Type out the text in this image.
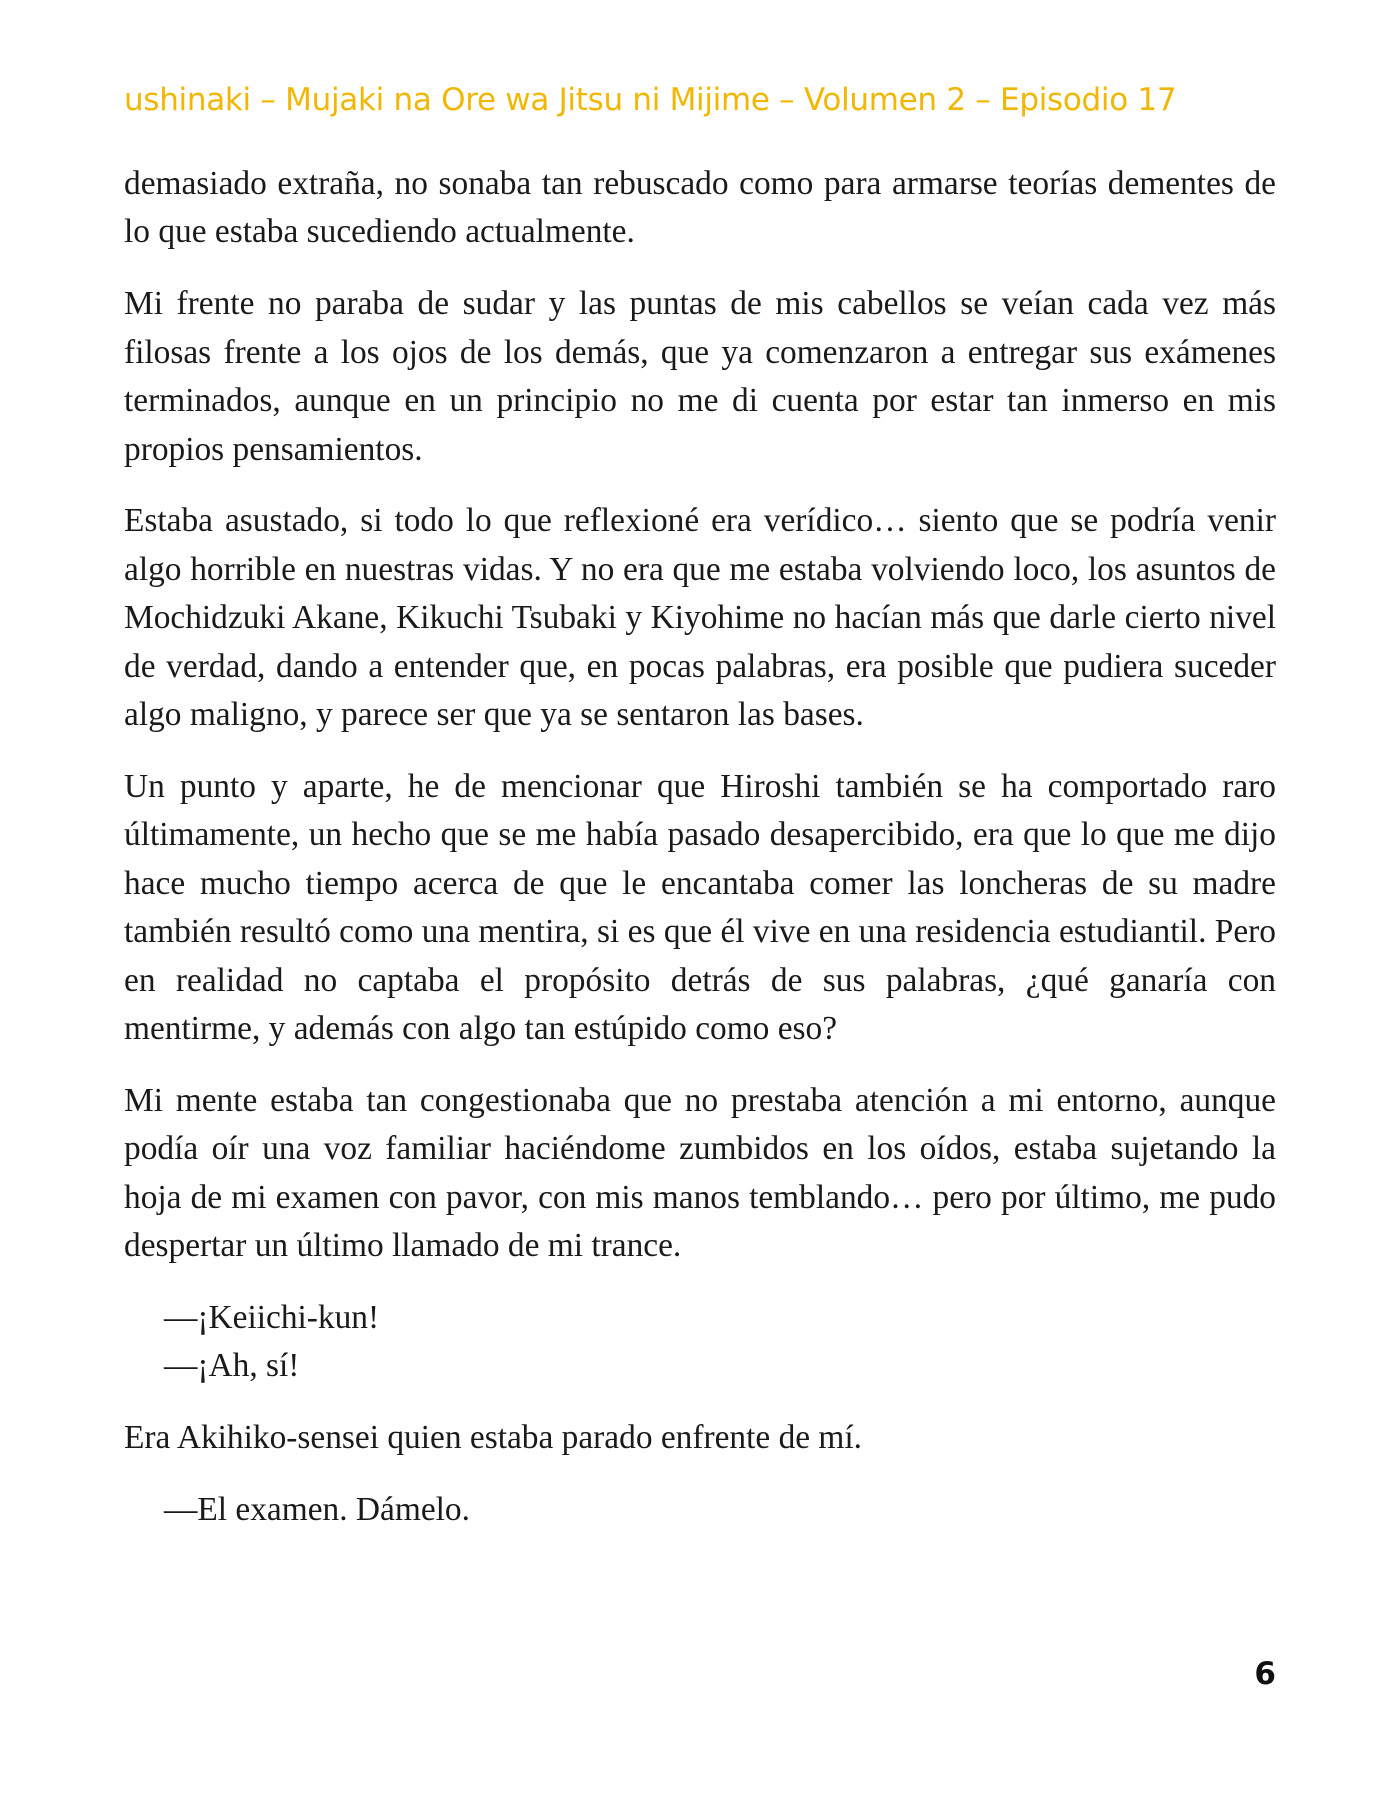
ushinaki – Mujaki na Ore wa Jitsu ni Mijime – Volumen 2 – Episodio 17

demasiado extraña, no sonaba tan rebuscado como para armarse teorías dementes de lo que estaba sucediendo actualmente.

Mi frente no paraba de sudar y las puntas de mis cabellos se veían cada vez más filosas frente a los ojos de los demás, que ya comenzaron a entregar sus exámenes terminados, aunque en un principio no me di cuenta por estar tan inmerso en mis propios pensamientos.

Estaba asustado, si todo lo que reflexioné era verídico… siento que se podría venir algo horrible en nuestras vidas. Y no era que me estaba volviendo loco, los asuntos de Mochidzuki Akane, Kikuchi Tsubaki y Kiyohime no hacían más que darle cierto nivel de verdad, dando a entender que, en pocas palabras, era posible que pudiera suceder algo maligno, y parece ser que ya se sentaron las bases.

Un punto y aparte, he de mencionar que Hiroshi también se ha comportado raro últimamente, un hecho que se me había pasado desapercibido, era que lo que me dijo hace mucho tiempo acerca de que le encantaba comer las loncheras de su madre también resultó como una mentira, si es que él vive en una residencia estudiantil. Pero en realidad no captaba el propósito detrás de sus palabras, ¿qué ganaría con mentirme, y además con algo tan estúpido como eso?

Mi mente estaba tan congestionaba que no prestaba atención a mi entorno, aunque podía oír una voz familiar haciéndome zumbidos en los oídos, estaba sujetando la hoja de mi examen con pavor, con mis manos temblando… pero por último, me pudo despertar un último llamado de mi trance.

—¡Keiichi-kun!

—¡Ah, sí!

Era Akihiko-sensei quien estaba parado enfrente de mí.

—El examen. Dámelo.

6
